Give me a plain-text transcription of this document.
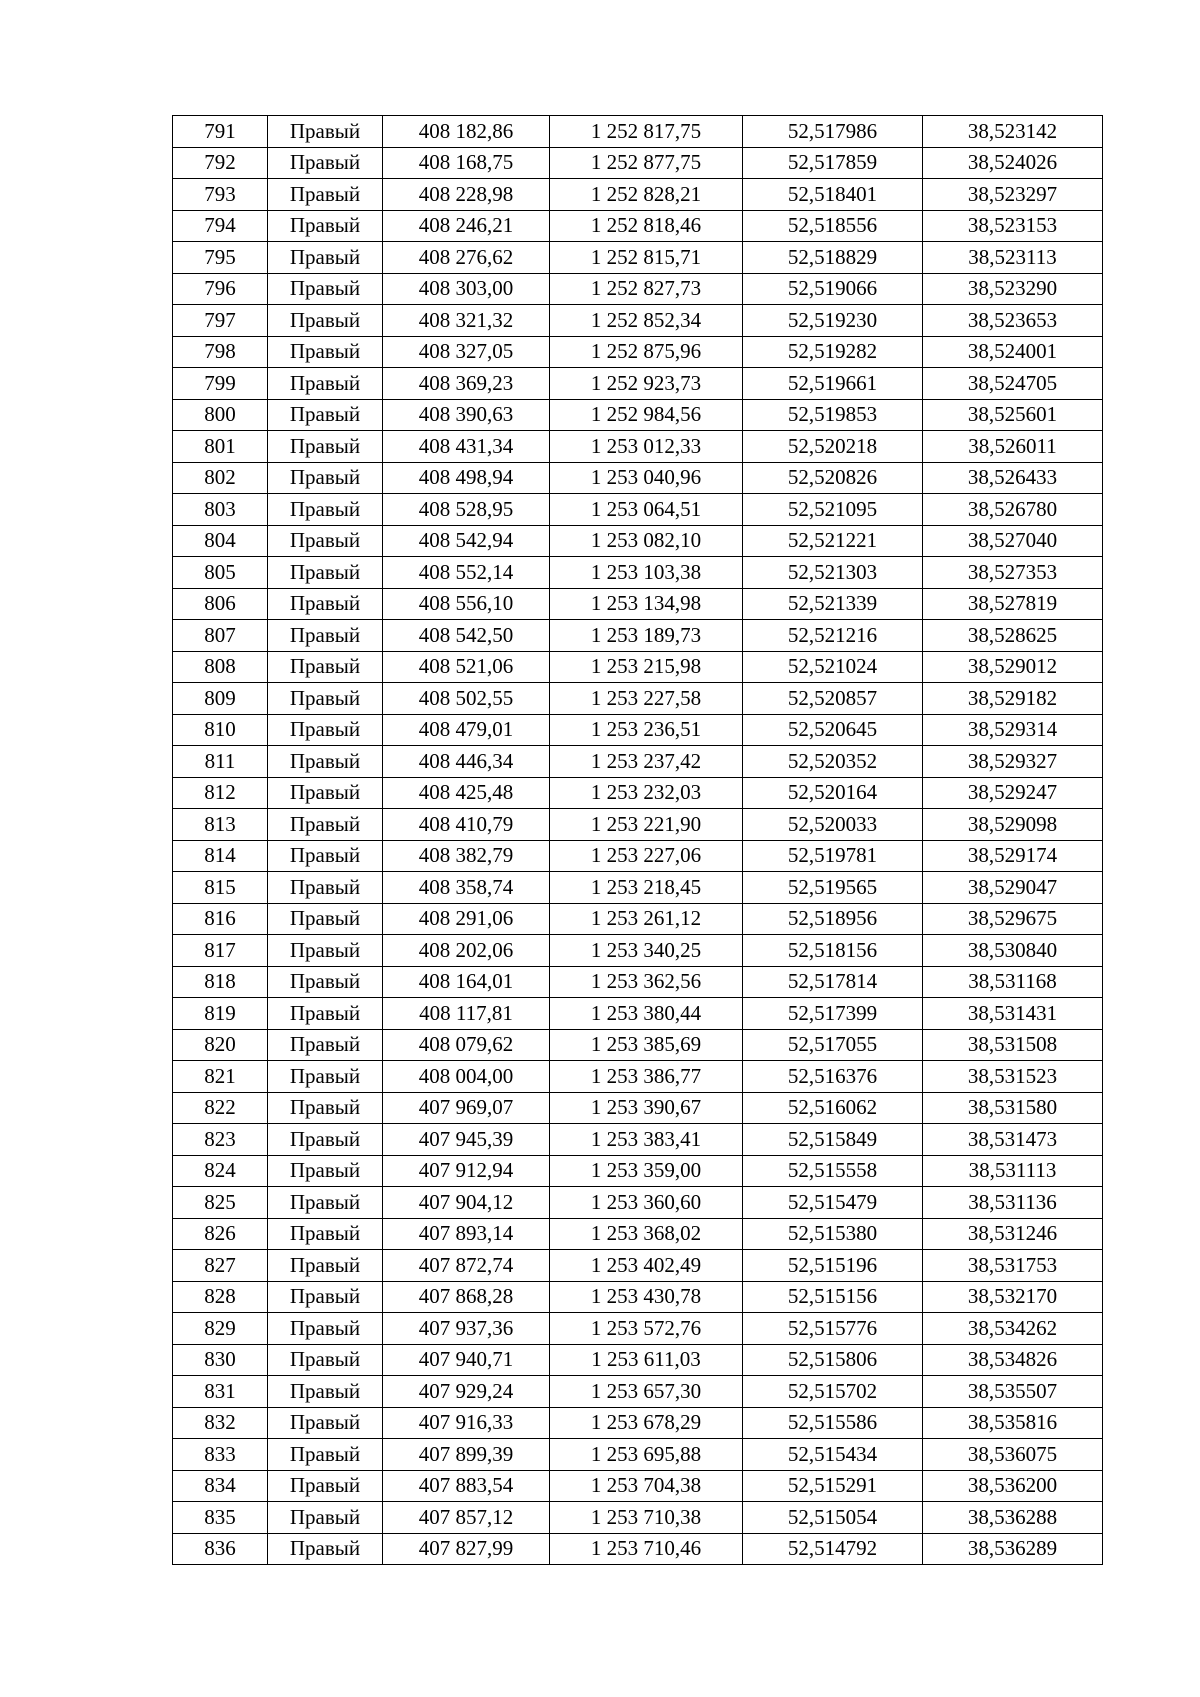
791	Правый	408 182,86	1 252 817,75	52,517986	38,523142
792	Правый	408 168,75	1 252 877,75	52,517859	38,524026
793	Правый	408 228,98	1 252 828,21	52,518401	38,523297
794	Правый	408 246,21	1 252 818,46	52,518556	38,523153
795	Правый	408 276,62	1 252 815,71	52,518829	38,523113
796	Правый	408 303,00	1 252 827,73	52,519066	38,523290
797	Правый	408 321,32	1 252 852,34	52,519230	38,523653
798	Правый	408 327,05	1 252 875,96	52,519282	38,524001
799	Правый	408 369,23	1 252 923,73	52,519661	38,524705
800	Правый	408 390,63	1 252 984,56	52,519853	38,525601
801	Правый	408 431,34	1 253 012,33	52,520218	38,526011
802	Правый	408 498,94	1 253 040,96	52,520826	38,526433
803	Правый	408 528,95	1 253 064,51	52,521095	38,526780
804	Правый	408 542,94	1 253 082,10	52,521221	38,527040
805	Правый	408 552,14	1 253 103,38	52,521303	38,527353
806	Правый	408 556,10	1 253 134,98	52,521339	38,527819
807	Правый	408 542,50	1 253 189,73	52,521216	38,528625
808	Правый	408 521,06	1 253 215,98	52,521024	38,529012
809	Правый	408 502,55	1 253 227,58	52,520857	38,529182
810	Правый	408 479,01	1 253 236,51	52,520645	38,529314
811	Правый	408 446,34	1 253 237,42	52,520352	38,529327
812	Правый	408 425,48	1 253 232,03	52,520164	38,529247
813	Правый	408 410,79	1 253 221,90	52,520033	38,529098
814	Правый	408 382,79	1 253 227,06	52,519781	38,529174
815	Правый	408 358,74	1 253 218,45	52,519565	38,529047
816	Правый	408 291,06	1 253 261,12	52,518956	38,529675
817	Правый	408 202,06	1 253 340,25	52,518156	38,530840
818	Правый	408 164,01	1 253 362,56	52,517814	38,531168
819	Правый	408 117,81	1 253 380,44	52,517399	38,531431
820	Правый	408 079,62	1 253 385,69	52,517055	38,531508
821	Правый	408 004,00	1 253 386,77	52,516376	38,531523
822	Правый	407 969,07	1 253 390,67	52,516062	38,531580
823	Правый	407 945,39	1 253 383,41	52,515849	38,531473
824	Правый	407 912,94	1 253 359,00	52,515558	38,531113
825	Правый	407 904,12	1 253 360,60	52,515479	38,531136
826	Правый	407 893,14	1 253 368,02	52,515380	38,531246
827	Правый	407 872,74	1 253 402,49	52,515196	38,531753
828	Правый	407 868,28	1 253 430,78	52,515156	38,532170
829	Правый	407 937,36	1 253 572,76	52,515776	38,534262
830	Правый	407 940,71	1 253 611,03	52,515806	38,534826
831	Правый	407 929,24	1 253 657,30	52,515702	38,535507
832	Правый	407 916,33	1 253 678,29	52,515586	38,535816
833	Правый	407 899,39	1 253 695,88	52,515434	38,536075
834	Правый	407 883,54	1 253 704,38	52,515291	38,536200
835	Правый	407 857,12	1 253 710,38	52,515054	38,536288
836	Правый	407 827,99	1 253 710,46	52,514792	38,536289
